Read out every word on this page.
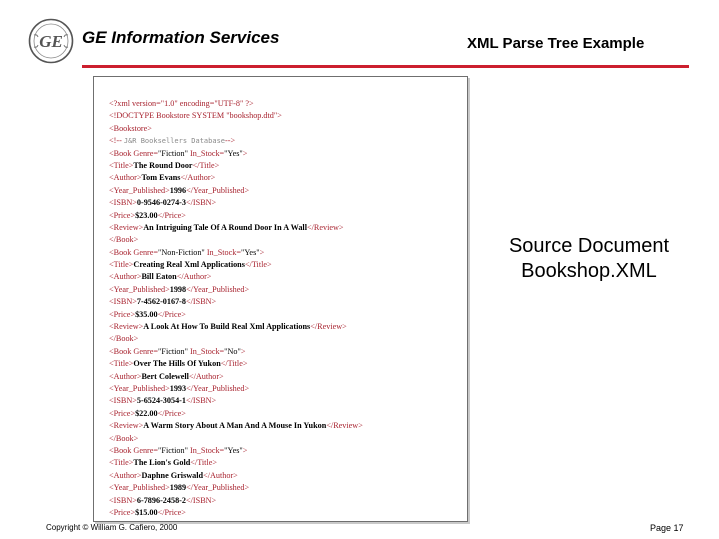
GE GE Information Services	XML Parse Tree Example
<?xml version="1.0" encoding="UTF-8" ?>
<!DOCTYPE Bookstore SYSTEM "bookshop.dtd">
<Bookstore>
<!-- J&R Booksellers Database-->
<Book Genre="Fiction" In_Stock="Yes">
<Title>The Round Door</Title>
<Author>Tom Evans</Author>
<Year_Published>1996</Year_Published>
<ISBN>0-9546-0274-3</ISBN>
<Price>$23.00</Price>
<Review>An Intriguing Tale Of A Round Door In A Wall</Review>
</Book>
<Book Genre="Non-Fiction" In_Stock="Yes">
<Title>Creating Real Xml Applications</Title>
<Author>Bill Eaton</Author>
<Year_Published>1998</Year_Published>
<ISBN>7-4562-0167-8</ISBN>
<Price>$35.00</Price>
<Review>A Look At How To Build Real Xml Applications</Review>
</Book>
<Book Genre="Fiction" In_Stock="No">
<Title>Over The Hills Of Yukon</Title>
<Author>Bert Colewell</Author>
<Year_Published>1993</Year_Published>
<ISBN>5-6524-3054-1</ISBN>
<Price>$22.00</Price>
<Review>A Warm Story About A Man And A Mouse In Yukon</Review>
</Book>
<Book Genre="Fiction" In_Stock="Yes">
<Title>The Lion's Gold</Title>
<Author>Daphne Griswald</Author>
<Year_Published>1989</Year_Published>
<ISBN>6-7896-2458-2</ISBN>
<Price>$15.00</Price>
Source Document
Bookshop.XML
Copyright © William G. Cafiero, 2000	Page 17
